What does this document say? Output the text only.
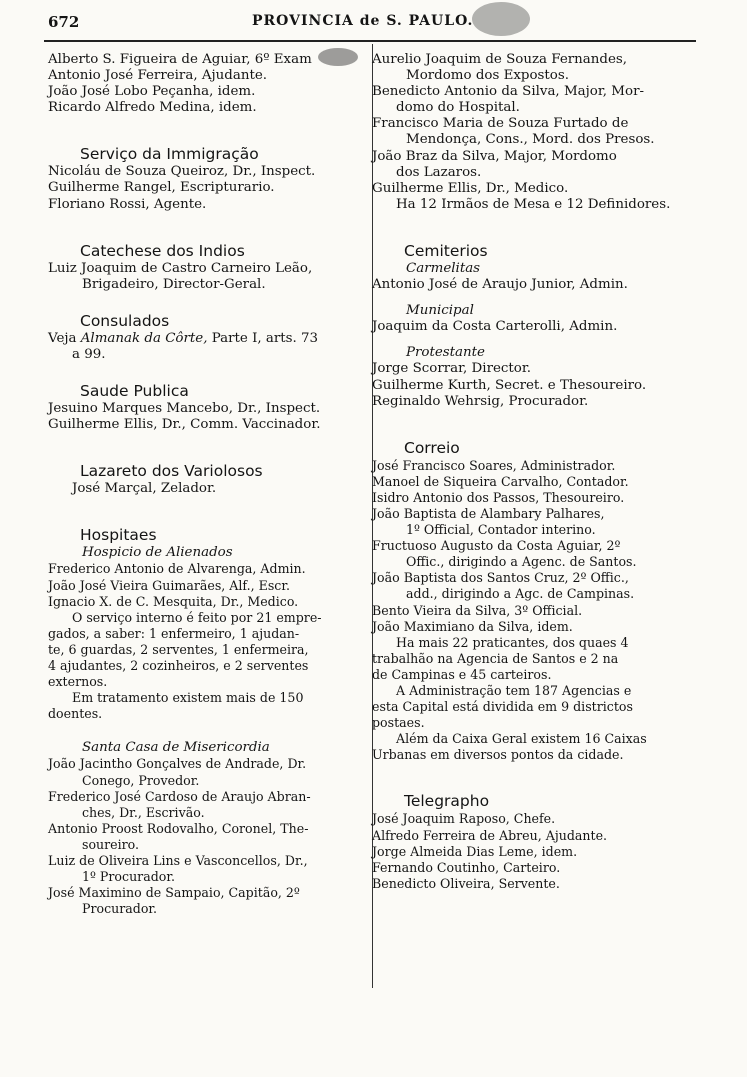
672	PROVINCIA de S. PAULO.
Alberto S. Figueira de Aguiar, 6º Exam
Antonio José Ferreira, Ajudante.
João José Lobo Peçanha, idem.
Ricardo Alfredo Medina, idem.
Serviço da Immigração
Nicoláu de Souza Queiroz, Dr., Inspect.
Guilherme Rangel, Escripturario.
Floriano Rossi, Agente.
Catechese dos Indios
Luiz Joaquim de Castro Carneiro Leão,
Brigadeiro, Director-Geral.
Consulados
Veja Almanak da Côrte, Parte I, arts. 73
a 99.
Saude Publica
Jesuino Marques Mancebo, Dr., Inspect.
Guilherme Ellis, Dr., Comm. Vaccinador.
Lazareto dos Variolosos
José Marçal, Zelador.
Hospitaes
Hospicio de Alienados
Frederico Antonio de Alvarenga, Admin.
João José Vieira Guimarães, Alf., Escr.
Ignacio X. de C. Mesquita, Dr., Medico.
O serviço interno é feito por 21 empre-
gados, a saber: 1 enfermeiro, 1 ajudan-
te, 6 guardas, 2 serventes, 1 enfermeira,
4 ajudantes, 2 cozinheiros, e 2 serventes
externos.
Em tratamento existem mais de 150
doentes.
Santa Casa de Misericordia
João Jacintho Gonçalves de Andrade, Dr.
Conego, Provedor.
Frederico José Cardoso de Araujo Abran-
ches, Dr., Escrivão.
Antonio Proost Rodovalho, Coronel, The-
soureiro.
Luiz de Oliveira Lins e Vasconcellos, Dr.,
1º Procurador.
José Maximino de Sampaio, Capitão, 2º
Procurador.
Aurelio Joaquim de Souza Fernandes,
Mordomo dos Expostos.
Benedicto Antonio da Silva, Major, Mor-
domo do Hospital.
Francisco Maria de Souza Furtado de
Mendonça, Cons., Mord. dos Presos.
João Braz da Silva, Major, Mordomo
dos Lazaros.
Guilherme Ellis, Dr., Medico.
Ha 12 Irmãos de Mesa e 12 Definidores.
Cemiterios
Carmelitas
Antonio José de Araujo Junior, Admin.
Municipal
Joaquim da Costa Carterolli, Admin.
Protestante
Jorge Scorrar, Director.
Guilherme Kurth, Secret. e Thesoureiro.
Reginaldo Wehrsig, Procurador.
Correio
José Francisco Soares, Administrador.
Manoel de Siqueira Carvalho, Contador.
Isidro Antonio dos Passos, Thesoureiro.
João Baptista de Alambary Palhares,
1º Official, Contador interino.
Fructuoso Augusto da Costa Aguiar, 2º
Offic., dirigindo a Agenc. de Santos.
João Baptista dos Santos Cruz, 2º Offic.,
add., dirigindo a Agc. de Campinas.
Bento Vieira da Silva, 3º Official.
João Maximiano da Silva, idem.
Ha mais 22 praticantes, dos quaes 4
trabalhão na Agencia de Santos e 2 na
de Campinas e 45 carteiros.
A Administração tem 187 Agencias e
esta Capital está dividida em 9 districtos
postaes.
Além da Caixa Geral existem 16 Caixas
Urbanas em diversos pontos da cidade.
Telegrapho
José Joaquim Raposo, Chefe.
Alfredo Ferreira de Abreu, Ajudante.
Jorge Almeida Dias Leme, idem.
Fernando Coutinho, Carteiro.
Benedicto Oliveira, Servente.
